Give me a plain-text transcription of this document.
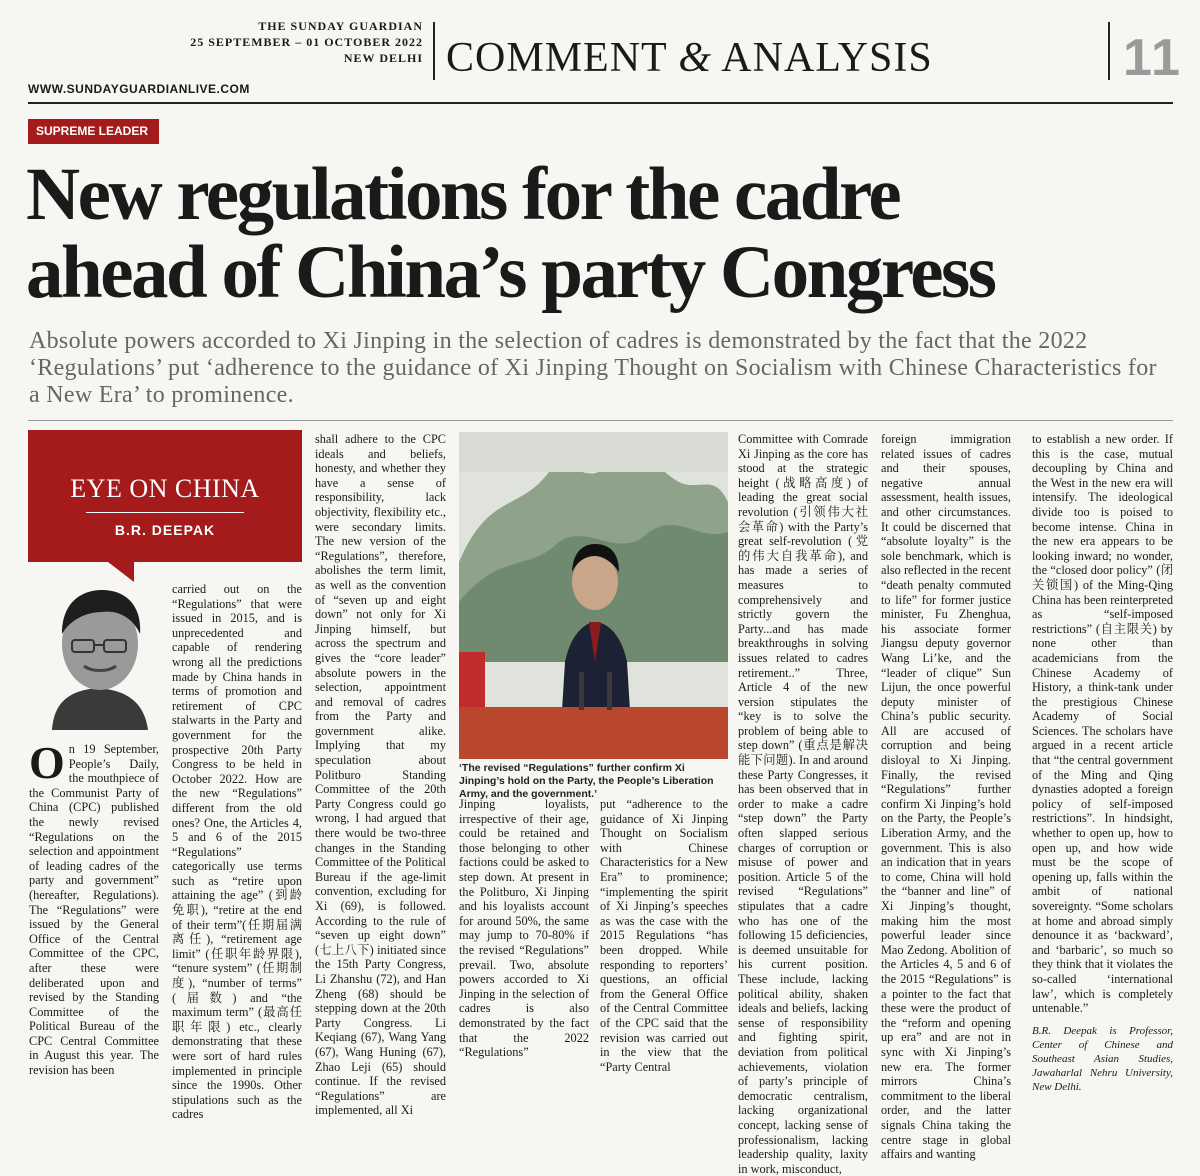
THE SUNDAY GUARDIAN
25 SEPTEMBER – 01 OCTOBER 2022
NEW DELHI
WWW.SUNDAYGUARDIANLIVE.COM
COMMENT & ANALYSIS	11
SUPREME LEADER
New regulations for the cadre
ahead of China’s party Congress
Absolute powers accorded to Xi Jinping in the selection of cadres is demonstrated by the fact that the 2022 ‘Regulations’ put ‘adherence to the guidance of Xi Jinping Thought on Socialism with Chinese Characteristics for a New Era’ to prominence.
EYE ON CHINA
B.R. DEEPAK
On 19 September, People’s Daily, the mouthpiece of the Communist Party of China (CPC) published the newly revised “Regulations on the selection and appointment of leading cadres of the party and government” (hereafter, Regulations). The “Regulations” were issued by the General Office of the Central Committee of the CPC, after these were deliberated upon and revised by the Standing Committee of the Political Bureau of the CPC Central Committee in August this year. The revision has been

carried out on the “Regulations” that were issued in 2015, and is unprecedented and capable of rendering wrong all the predictions made by China hands in terms of promotion and retirement of CPC stalwarts in the Party and government for the prospective 20th Party Congress to be held in October 2022. How are the new “Regulations” different from the old ones? One, the Articles 4, 5 and 6 of the 2015 “Regulations” categorically use terms such as “retire upon attaining the age” (到龄免职), “retire at the end of their term”(任期届满离任), “retirement age limit” (任职年龄界限), “tenure system” (任期制度), “number of terms” (届数) and “the maximum term” (最高任职年限) etc., clearly demonstrating that these were sort of hard rules implemented in principle since the 1990s. Other stipulations such as the cadres

shall adhere to the CPC ideals and beliefs, honesty, and whether they have a sense of responsibility, lack objectivity, flexibility etc., were secondary limits. The new version of the “Regulations”, therefore, abolishes the term limit, as well as the convention of “seven up and eight down” not only for Xi Jinping himself, but across the spectrum and gives the “core leader” absolute powers in the selection, appointment and removal of cadres from the Party and government alike. Implying that my speculation about Politburo Standing Committee of the 20th Party Congress could go wrong, I had argued that there would be two-three changes in the Standing Committee of the Political Bureau if the age-limit convention, excluding for Xi (69), is followed. According to the rule of “seven up eight down” (七上八下) initiated since the 15th Party Congress, Li Zhanshu (72), and Han Zheng (68) should be stepping down at the 20th Party Congress. Li Keqiang (67), Wang Yang (67), Wang Huning (67), Zhao Leji (65) should continue. If the revised “Regulations” are implemented, all Xi

‘The revised “Regulations” further confirm Xi Jinping’s hold on the Party, the People’s Liberation Army, and the government.’

Jinping loyalists, irrespective of their age, could be retained and those belonging to other factions could be asked to step down. At present in the Politburo, Xi Jinping and his loyalists account for around 50%, the same may jump to 70-80% if the revised “Regulations” prevail. Two, absolute powers accorded to Xi Jinping in the selection of cadres is also demonstrated by the fact that the 2022 “Regulations”

put “adherence to the guidance of Xi Jinping Thought on Socialism with Chinese Characteristics for a New Era” to prominence; “implementing the spirit of Xi Jinping’s speeches as was the case with the 2015 Regulations “has been dropped. While responding to reporters’ questions, an official from the General Office of the Central Committee of the CPC said that the revision was carried out in the view that the “Party Central

Committee with Comrade Xi Jinping as the core has stood at the strategic height (战略高度) of leading the great social revolution (引领伟大社会革命) with the Party’s great self-revolution (党的伟大自我革命), and has made a series of measures to comprehensively and strictly govern the Party...and has made breakthroughs in solving issues related to cadres retirement..” Three, Article 4 of the new version stipulates the “key is to solve the problem of being able to step down” (重点是解决能下问题). In and around these Party Congresses, it has been observed that in order to make a cadre “step down” the Party often slapped serious charges of corruption or misuse of power and position. Article 5 of the revised “Regulations” stipulates that a cadre who has one of the following 15 deficiencies, is deemed unsuitable for his current position. These include, lacking political ability, shaken ideals and beliefs, lacking sense of responsibility and fighting spirit, deviation from political achievements, violation of party’s principle of democratic centralism, lacking organizational concept, lacking sense of professionalism, lacking leadership quality, laxity in work, misconduct,

foreign immigration related issues of cadres and their spouses, negative annual assessment, health issues, and other circumstances. It could be discerned that “absolute loyalty” is the sole benchmark, which is also reflected in the recent “death penalty commuted to life” for former justice minister, Fu Zhenghua, his associate former Jiangsu deputy governor Wang Li’ke, and the “leader of clique” Sun Lijun, the once powerful deputy minister of China’s public security. All are accused of corruption and being disloyal to Xi Jinping. Finally, the revised “Regulations” further confirm Xi Jinping’s hold on the Party, the People’s Liberation Army, and the government. This is also an indication that in years to come, China will hold the “banner and line” of Xi Jinping’s thought, making him the most powerful leader since Mao Zedong. Abolition of the Articles 4, 5 and 6 of the 2015 “Regulations” is a pointer to the fact that these were the product of the “reform and opening up era” and are not in sync with Xi Jinping’s new era. The former mirrors China’s commitment to the liberal order, and the latter signals China taking the centre stage in global affairs and wanting

to establish a new order. If this is the case, mutual decoupling by China and the West in the new era will intensify. The ideological divide too is poised to become intense. China in the new era appears to be looking inward; no wonder, the “closed door policy” (闭关锁国) of the Ming-Qing China has been reinterpreted as “self-imposed restrictions” (自主限关) by none other than academicians from the Chinese Academy of History, a think-tank under the prestigious Chinese Academy of Social Sciences. The scholars have argued in a recent article that “the central government of the Ming and Qing dynasties adopted a foreign policy of self-imposed restrictions”. In hindsight, whether to open up, how to open up, and how wide must be the scope of opening up, falls within the ambit of national sovereignty. “Some scholars at home and abroad simply denounce it as ‘backward’, and ‘barbaric’, so much so they think that it violates the so-called ‘international law’, which is completely untenable.”

B.R. Deepak is Professor, Center of Chinese and Southeast Asian Studies, Jawaharlal Nehru University, New Delhi.
